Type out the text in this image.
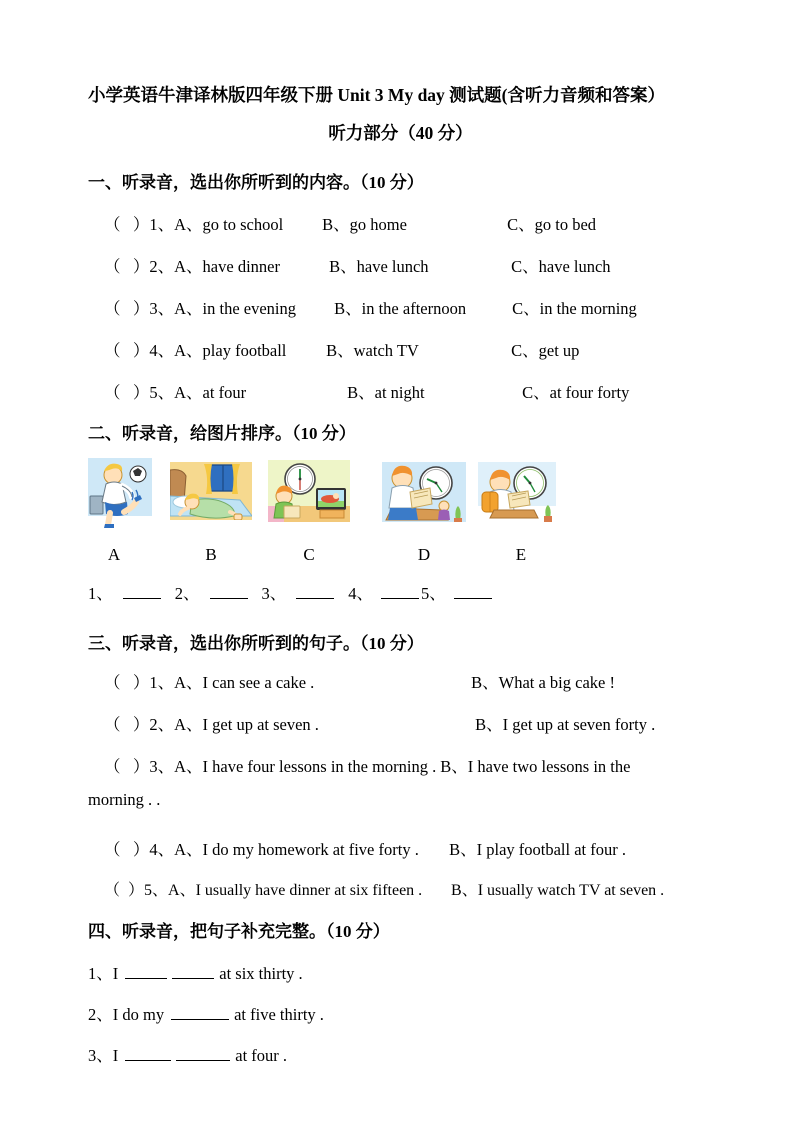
小学英语牛津译林版四年级下册 Unit 3 My day 测试题(含听力音频和答案）
听力部分（40 分）
一、听录音，选出你所听到的内容。（10 分）
（   ）1、A、go to school B、go home	C、go to bed
（   ）2、A、have dinner	B、have lunch	C、have lunch
（   ）3、A、in the evening B、in the afternoon	C、in the morning
（   ）4、A、play football B、watch TV	C、get up
（   ）5、A、at four	B、at night	C、at four forty
二、听录音，给图片排序。（10 分）
A	B	C	D	E
1、	2、	3、	4、	5、
三、听录音，选出你所听到的句子。（10 分）
（   ）1、A、I can see a cake .	B、What a big cake !
（   ）2、A、I get up at seven .	B、I get up at seven forty .
（   ）3、A、I have four lessons in the morning . B、I have two lessons in the
morning . .
（   ）4、A、I do my homework at five forty . B、I play football at four .
（  ）5、A、I usually have dinner at six fifteen . B、I usually watch TV at seven .
四、听录音，把句子补充完整。（10 分）
1、I	at six thirty .
2、I do my	at five thirty .
3、I	at four .
